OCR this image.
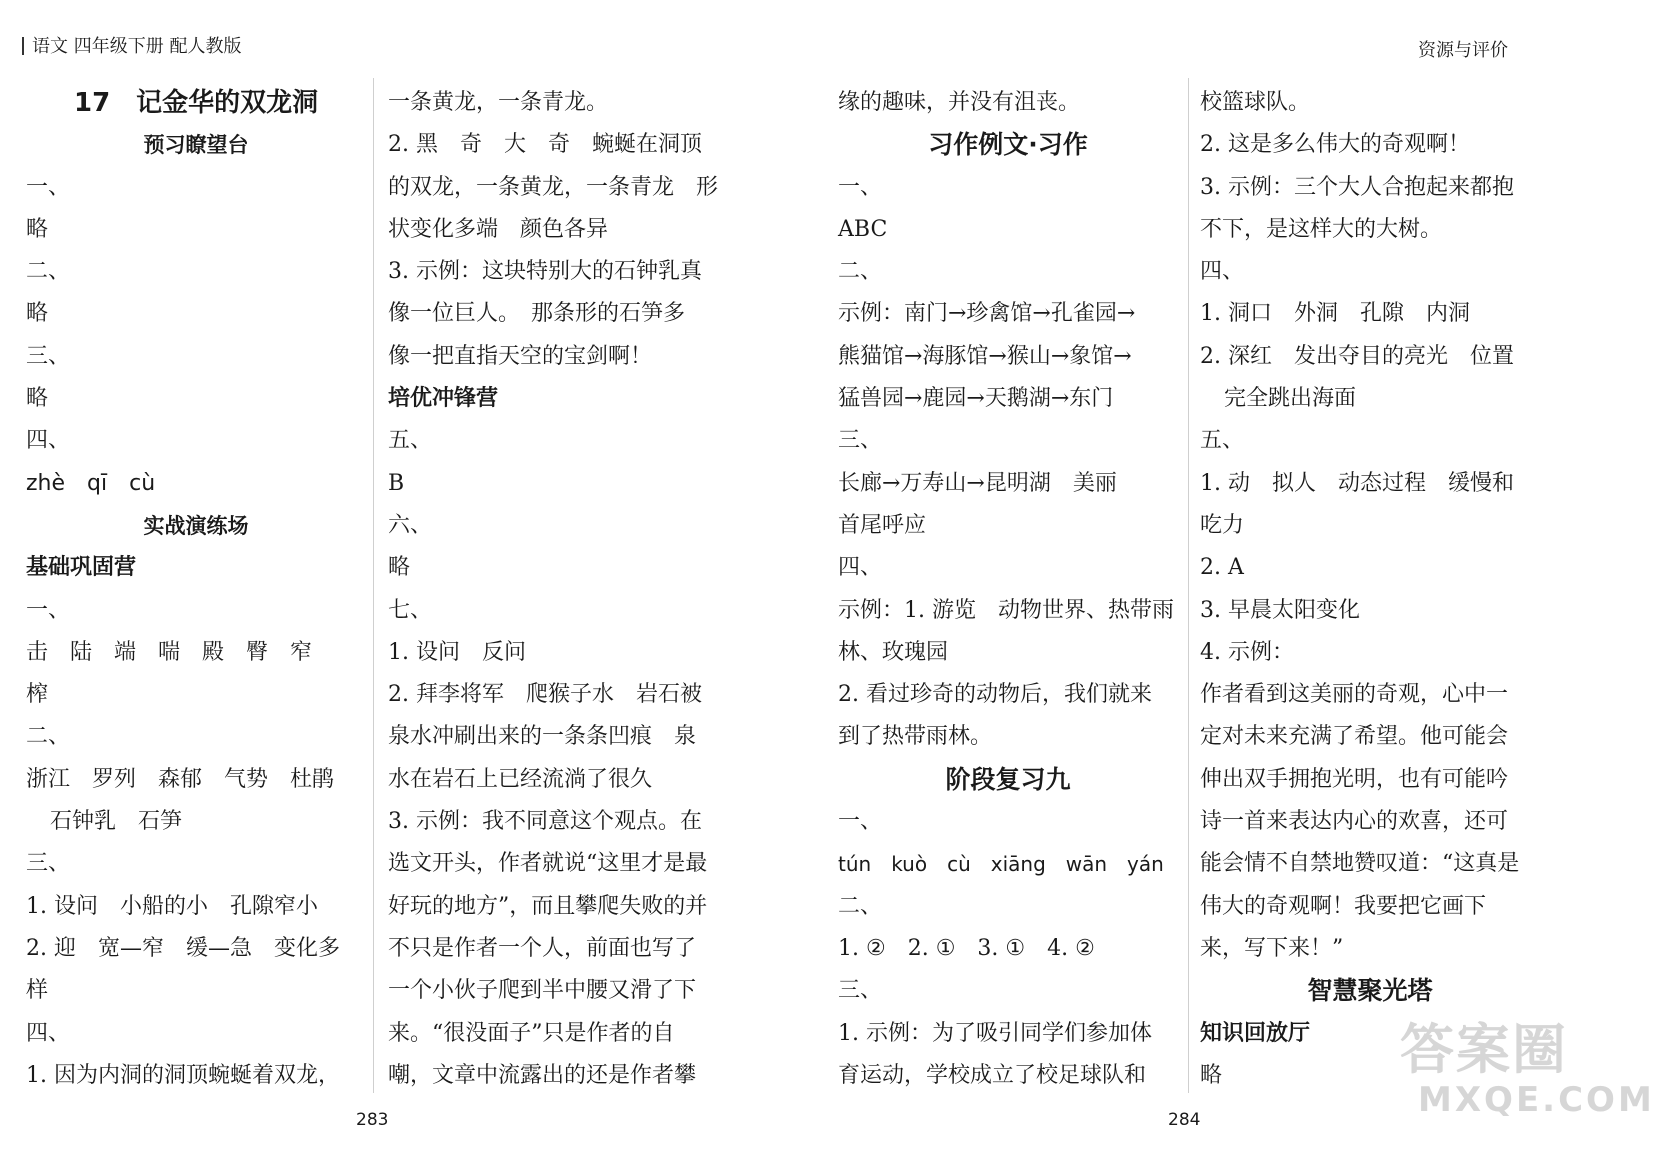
语文 四年级下册 配人教版	资源与评价
17　记金华的双龙洞
预习瞭望台
一、
略
二、
略
三、
略
四、
zhè　qī　cù
实战演练场
基础巩固营
一、
击　陆　端　喘　殿　臀　窄
榨
二、
浙江　罗列　森郁　气势　杜鹃
石钟乳　石笋
三、
1. 设问　小船的小　孔隙窄小
2. 迎　宽—窄　缓—急　变化多
样
四、
1. 因为内洞的洞顶蜿蜒着双龙，
一条黄龙，一条青龙。
2. 黑　奇　大　奇　蜿蜒在洞顶
的双龙，一条黄龙，一条青龙　形
状变化多端　颜色各异
3. 示例：这块特别大的石钟乳真
像一位巨人。　那条形的石笋多
像一把直指天空的宝剑啊！
培优冲锋营
五、
B
六、
略
七、
1. 设问　反问
2. 拜李将军　爬猴子水　岩石被
泉水冲刷出来的一条条凹痕　泉
水在岩石上已经流淌了很久
3. 示例：我不同意这个观点。在
选文开头，作者就说“这里才是最
好玩的地方”，而且攀爬失败的并
不只是作者一个人，前面也写了
一个小伙子爬到半中腰又滑了下
来。“很没面子”只是作者的自
嘲，文章中流露出的还是作者攀
缘的趣味，并没有沮丧。
习作例文·习作
一、
ABC
二、
示例：南门→珍禽馆→孔雀园→
熊猫馆→海豚馆→猴山→象馆→
猛兽园→鹿园→天鹅湖→东门
三、
长廊→万寿山→昆明湖　美丽
首尾呼应
四、
示例：1. 游览　动物世界、热带雨
林、玫瑰园
2. 看过珍奇的动物后，我们就来
到了热带雨林。
阶段复习九
一、
tún　kuò　cù　xiāng　wān　yán
二、
1. ②　2. ①　3. ①　4. ②
三、
1. 示例：为了吸引同学们参加体
育运动，学校成立了校足球队和
校篮球队。
2. 这是多么伟大的奇观啊！
3. 示例：三个大人合抱起来都抱
不下，是这样大的大树。
四、
1. 洞口　外洞　孔隙　内洞
2. 深红　发出夺目的亮光　位置
完全跳出海面
五、
1. 动　拟人　动态过程　缓慢和
吃力
2. A
3. 早晨太阳变化
4. 示例：
作者看到这美丽的奇观，心中一
定对未来充满了希望。他可能会
伸出双手拥抱光明，也有可能吟
诗一首来表达内心的欢喜，还可
能会情不自禁地赞叹道：“这真是
伟大的奇观啊！我要把它画下
来，写下来！”
智慧聚光塔
知识回放厅
略
283	284
答案圈
MXQE.COM
